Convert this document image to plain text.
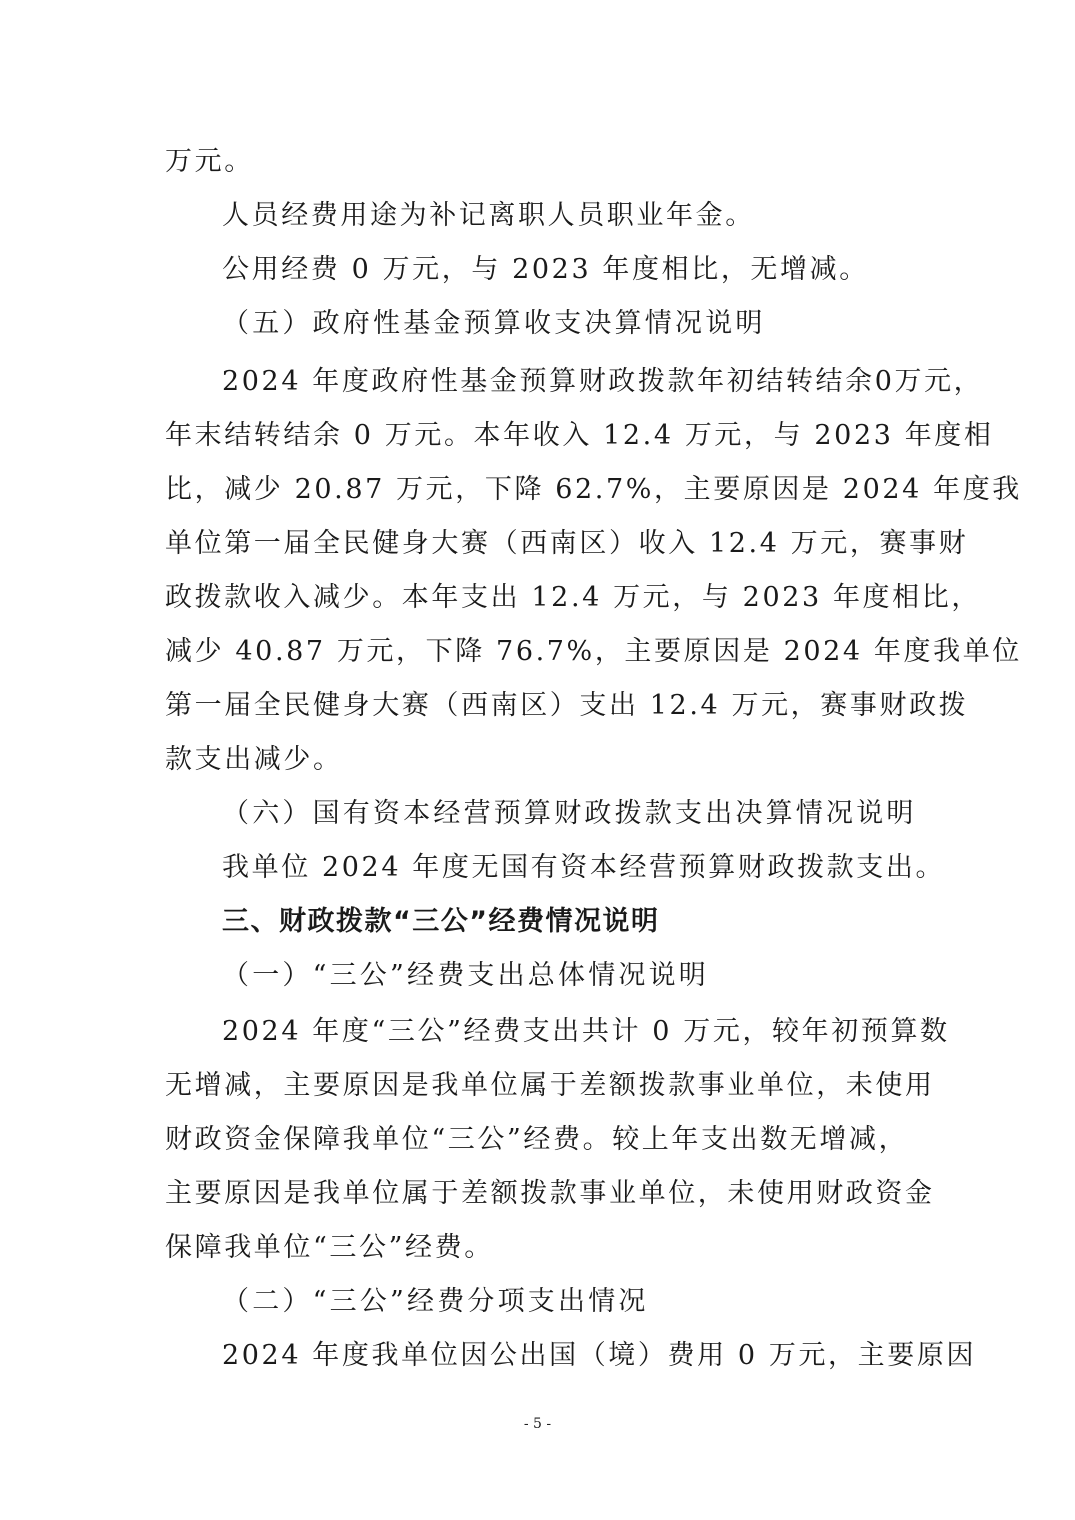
万元。
人员经费用途为补记离职人员职业年金。
公用经费 0 万元，与 2023 年度相比，无增减。
（五）政府性基金预算收支决算情况说明
2024 年度政府性基金预算财政拨款年初结转结余0万元，
年末结转结余 0 万元。本年收入 12.4 万元，与 2023 年度相
比，减少 20.87 万元，下降 62.7%，主要原因是 2024 年度我
单位第一届全民健身大赛（西南区）收入 12.4 万元，赛事财
政拨款收入减少。本年支出 12.4 万元，与 2023 年度相比，
减少 40.87 万元，下降 76.7%，主要原因是 2024 年度我单位
第一届全民健身大赛（西南区）支出 12.4 万元，赛事财政拨
款支出减少。
（六）国有资本经营预算财政拨款支出决算情况说明
我单位 2024 年度无国有资本经营预算财政拨款支出。
三、财政拨款“三公”经费情况说明
（一）“三公”经费支出总体情况说明
2024 年度“三公”经费支出共计 0 万元，较年初预算数
无增减，主要原因是我单位属于差额拨款事业单位，未使用
财政资金保障我单位“三公”经费。较上年支出数无增减，
主要原因是我单位属于差额拨款事业单位，未使用财政资金
保障我单位“三公”经费。
（二）“三公”经费分项支出情况
2024 年度我单位因公出国（境）费用 0 万元，主要原因
- 5 -
